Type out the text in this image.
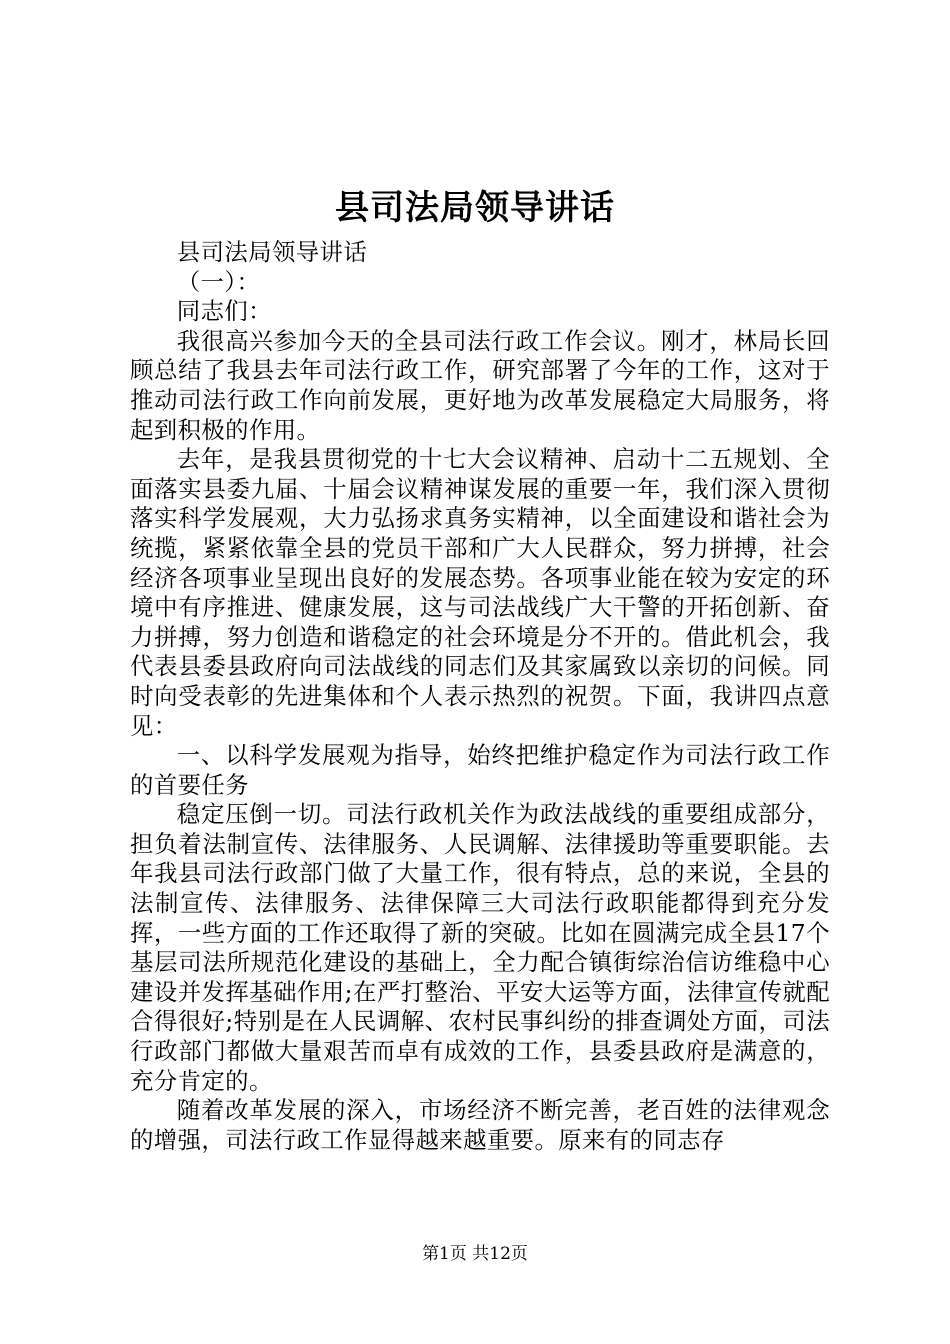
县司法局领导讲话

县司法局领导讲话

（一）：

同志们：

我很高兴参加今天的全县司法行政工作会议。刚才，林局长回顾总结了我县去年司法行政工作，研究部署了今年的工作，这对于推动司法行政工作向前发展，更好地为改革发展稳定大局服务，将起到积极的作用。

去年，是我县贯彻党的十七大会议精神、启动十二五规划、全面落实县委九届、十届会议精神谋发展的重要一年，我们深入贯彻落实科学发展观，大力弘扬求真务实精神，以全面建设和谐社会为统揽，紧紧依靠全县的党员干部和广大人民群众，努力拼搏，社会经济各项事业呈现出良好的发展态势。各项事业能在较为安定的环境中有序推进、健康发展，这与司法战线广大干警的开拓创新、奋力拼搏，努力创造和谐稳定的社会环境是分不开的。借此机会，我代表县委县政府向司法战线的同志们及其家属致以亲切的问候。同时向受表彰的先进集体和个人表示热烈的祝贺。下面，我讲四点意见：

一、以科学发展观为指导，始终把维护稳定作为司法行政工作的首要任务

稳定压倒一切。司法行政机关作为政法战线的重要组成部分，担负着法制宣传、法律服务、人民调解、法律援助等重要职能。去年我县司法行政部门做了大量工作，很有特点，总的来说，全县的法制宣传、法律服务、法律保障三大司法行政职能都得到充分发挥，一些方面的工作还取得了新的突破。比如在圆满完成全县17个基层司法所规范化建设的基础上，全力配合镇街综治信访维稳中心建设并发挥基础作用;在严打整治、平安大运等方面，法律宣传就配合得很好;特别是在人民调解、农村民事纠纷的排查调处方面，司法行政部门都做大量艰苦而卓有成效的工作，县委县政府是满意的，充分肯定的。

随着改革发展的深入，市场经济不断完善，老百姓的法律观念的增强，司法行政工作显得越来越重要。原来有的同志存

第1页 共12页
